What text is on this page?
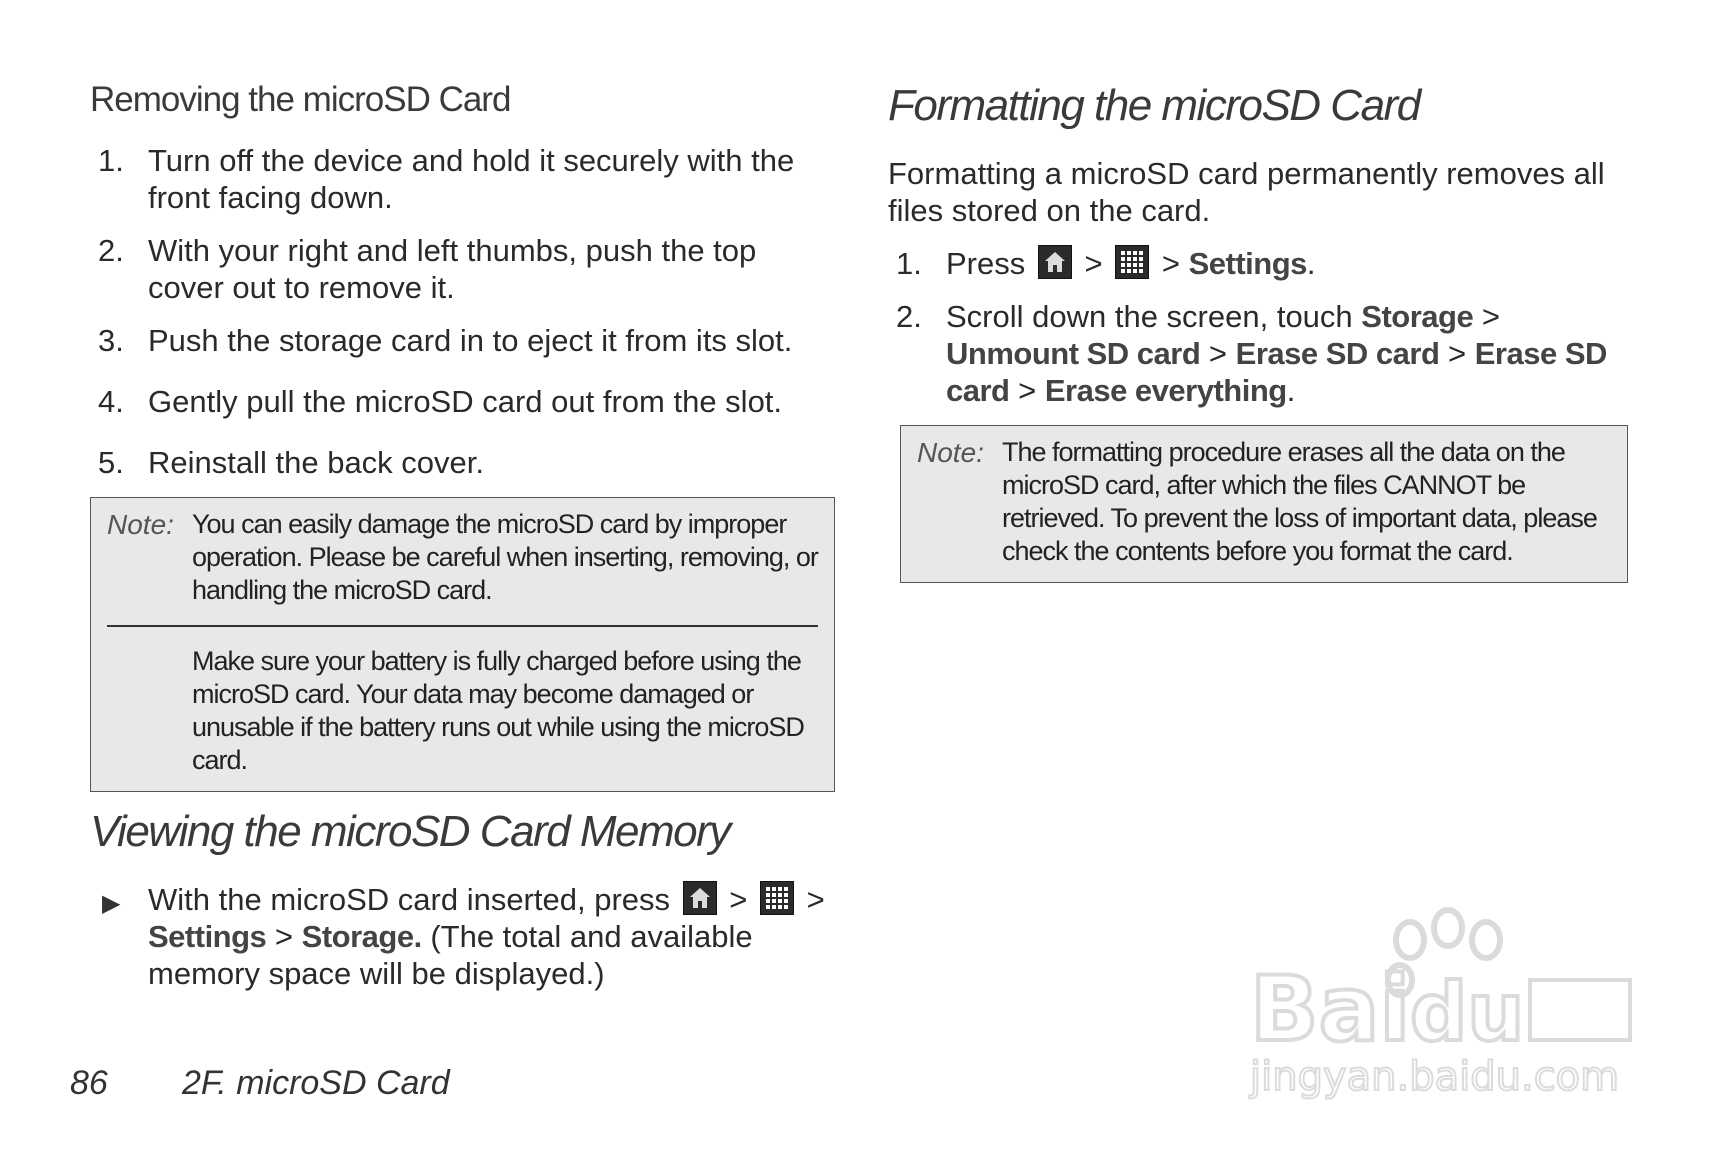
Removing the microSD Card
1. Turn off the device and hold it securely with the front facing down.
2. With your right and left thumbs, push the top cover out to remove it.
3. Push the storage card in to eject it from its slot.
4. Gently pull the microSD card out from the slot.
5. Reinstall the back cover.
Note: You can easily damage the microSD card by improper operation. Please be careful when inserting, removing, or handling the microSD card.
Make sure your battery is fully charged before using the microSD card. Your data may become damaged or unusable if the battery runs out while using the microSD card.
Viewing the microSD Card Memory
▶ With the microSD card inserted, press > > Settings > Storage. (The total and available memory space will be displayed.)
Formatting the microSD Card

Formatting a microSD card permanently removes all files stored on the card.

1. Press > > Settings.
2. Scroll down the screen, touch Storage > Unmount SD card > Erase SD card > Erase SD card > Erase everything.
Note: The formatting procedure erases all the data on the microSD card, after which the files CANNOT be retrieved. To prevent the loss of important data, please check the contents before you format the card.
86 2F. microSD Card
Bai du
jingyan.baidu.com
